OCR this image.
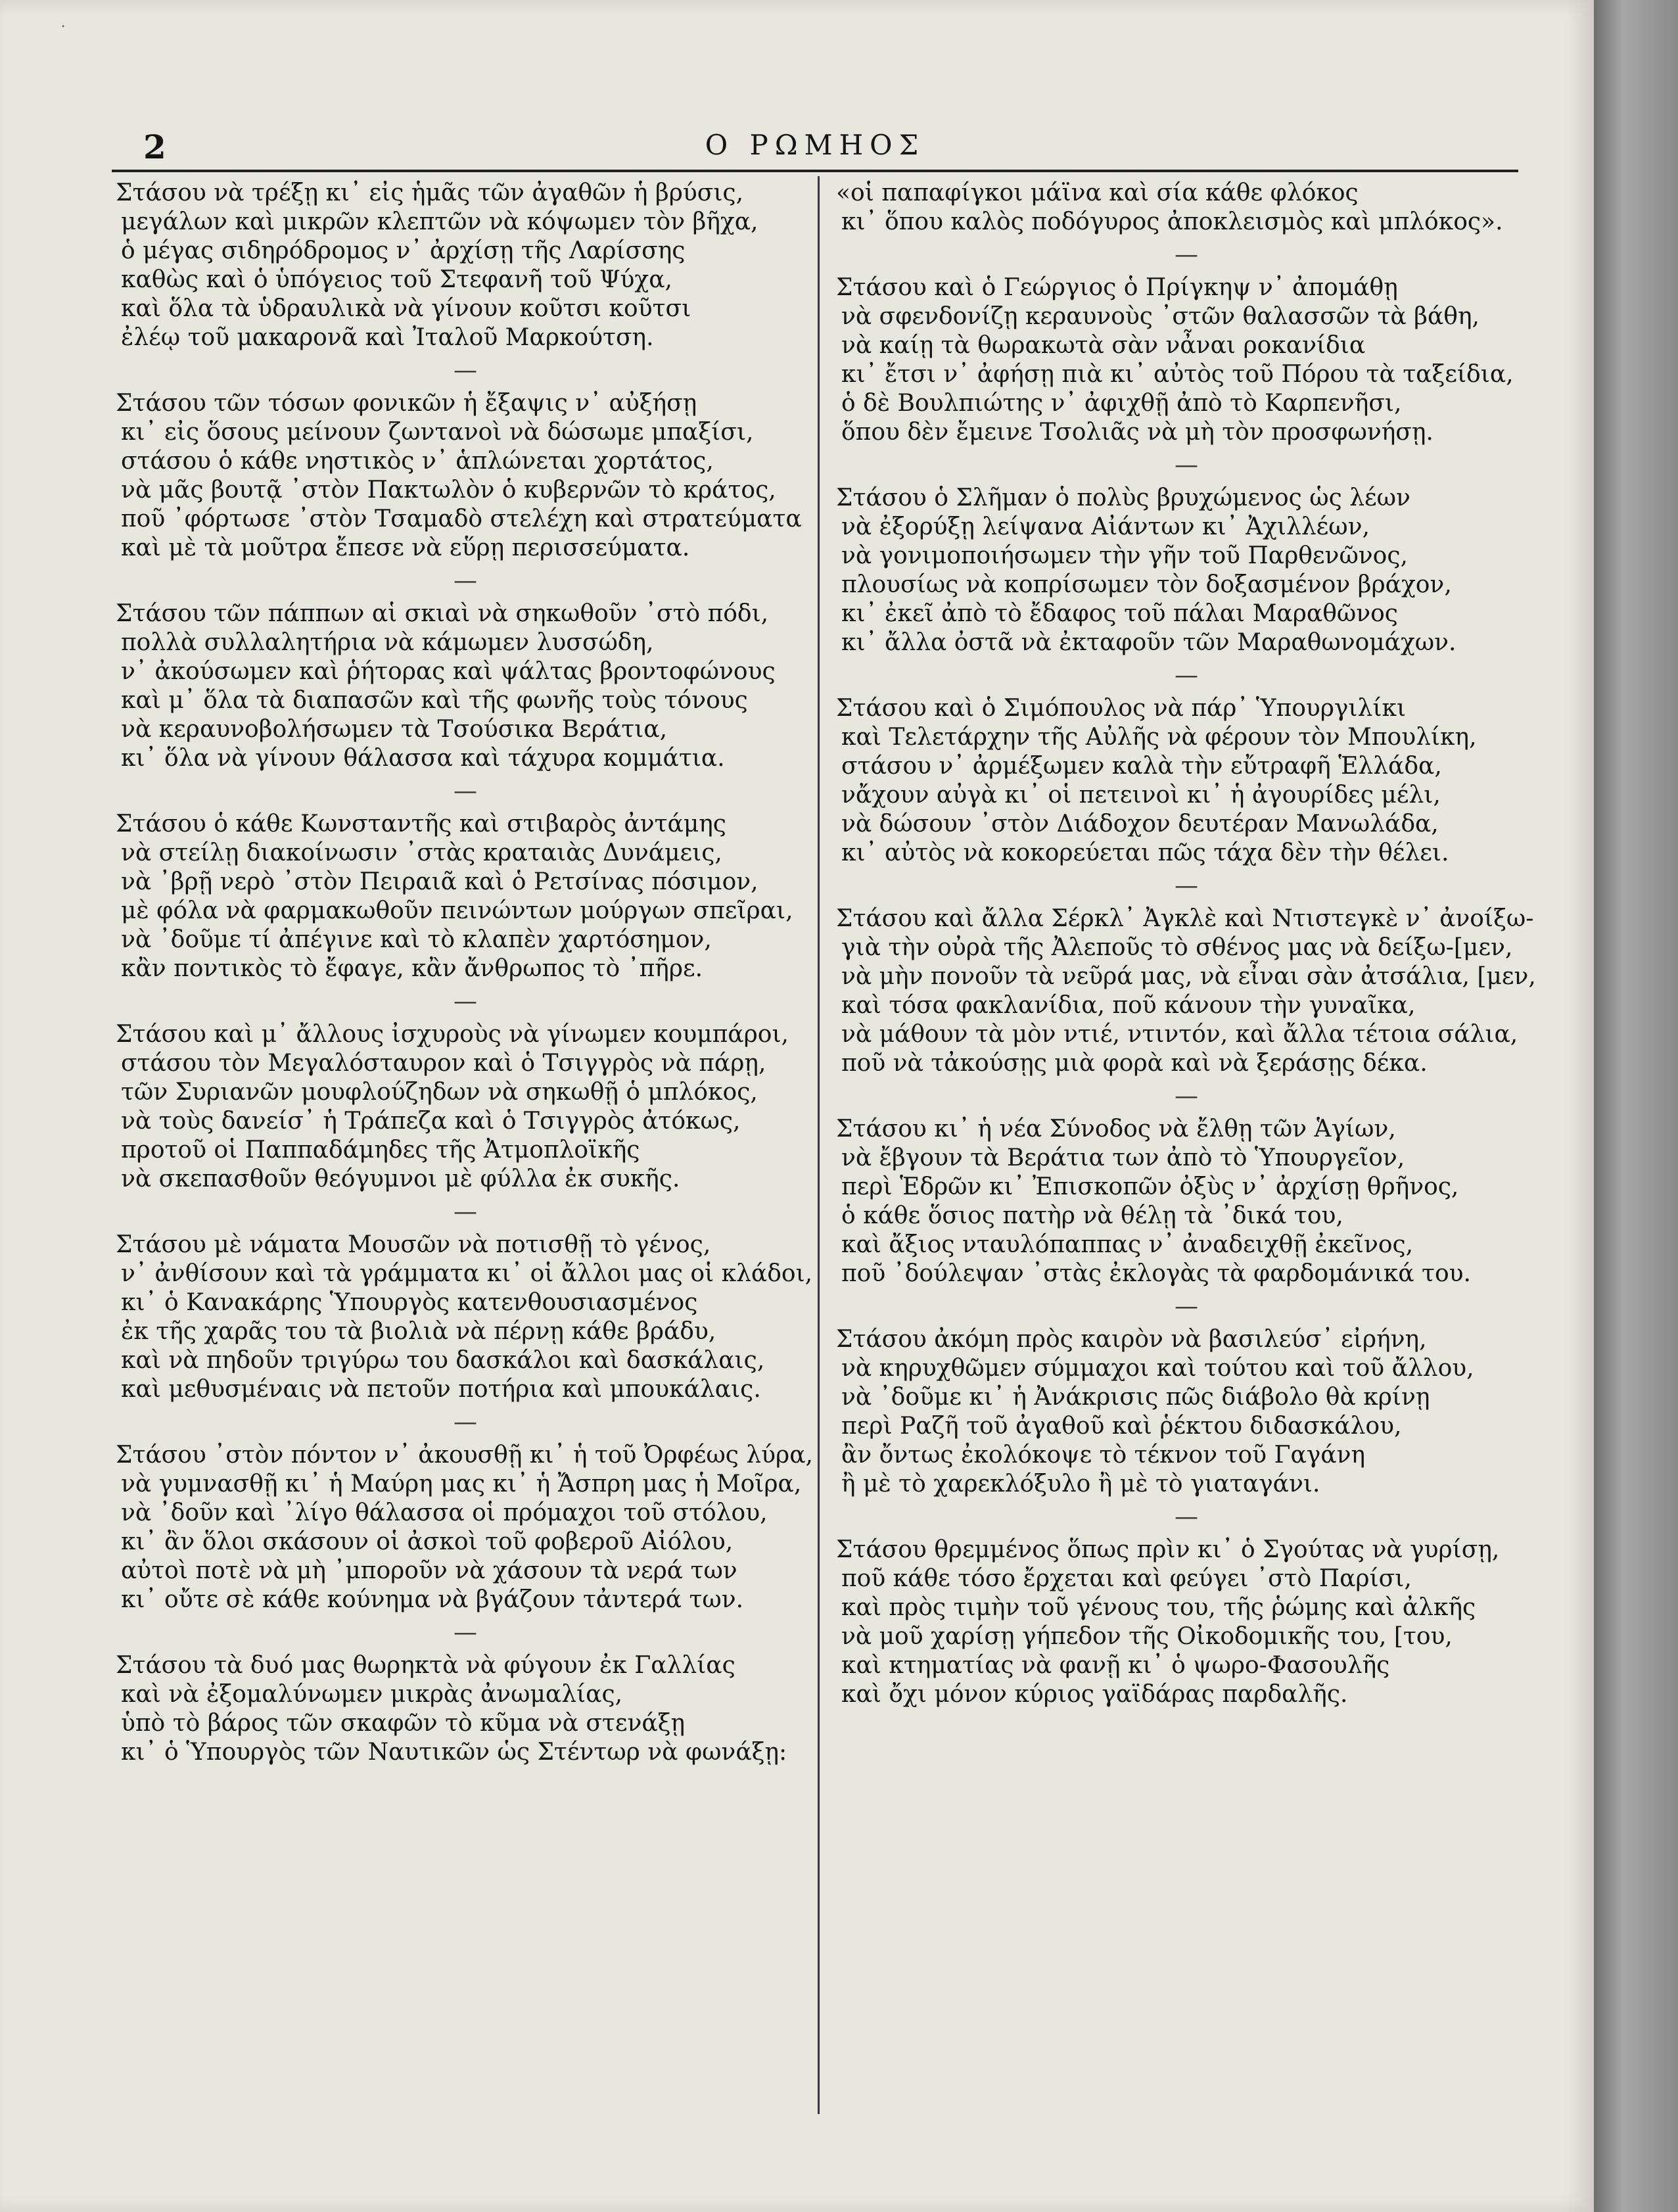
·
2	Ο ΡΩΜΗΟΣ
Στάσου νὰ τρέξῃ κι᾽ εἰς ἡμᾶς τῶν ἀγαθῶν ἡ βρύσις,
μεγάλων καὶ μικρῶν κλεπτῶν νὰ κόψωμεν τὸν βῆχα,
ὁ μέγας σιδηρόδρομος ν᾽ ἀρχίσῃ τῆς Λαρίσσης
καθὼς καὶ ὁ ὑπόγειος τοῦ Στεφανῆ τοῦ Ψύχα,
καὶ ὅλα τὰ ὑδραυλικὰ νὰ γίνουν κοῦτσι κοῦτσι
ἐλέῳ τοῦ μακαρονᾶ καὶ Ἰταλοῦ Μαρκούτση.
—
Στάσου τῶν τόσων φονικῶν ἡ ἔξαψις ν᾽ αὐξήσῃ
κι᾽ εἰς ὅσους μείνουν ζωντανοὶ νὰ δώσωμε μπαξίσι,
στάσου ὁ κάθε νηστικὸς ν᾽ ἁπλώνεται χορτάτος,
νὰ μᾶς βουτᾷ ᾽στὸν Πακτωλὸν ὁ κυβερνῶν τὸ κράτος,
ποῦ ᾽φόρτωσε ᾽στὸν Τσαμαδὸ στελέχη καὶ στρατεύματα
καὶ μὲ τὰ μοῦτρα ἔπεσε νὰ εὕρῃ περισσεύματα.
—
Στάσου τῶν πάππων αἱ σκιαὶ νὰ σηκωθοῦν ᾽στὸ πόδι,
πολλὰ συλλαλητήρια νὰ κάμωμεν λυσσώδη,
ν᾽ ἀκούσωμεν καὶ ῥήτορας καὶ ψάλτας βροντοφώνους
καὶ μ᾽ ὅλα τὰ διαπασῶν καὶ τῆς φωνῆς τοὺς τόνους
νὰ κεραυνοβολήσωμεν τὰ Τσούσικα Βεράτια,
κι᾽ ὅλα νὰ γίνουν θάλασσα καὶ τάχυρα κομμάτια.
—
Στάσου ὁ κάθε Κωνσταντῆς καὶ στιβαρὸς ἀντάμης
νὰ στείλῃ διακοίνωσιν ᾽στὰς κραταιὰς Δυνάμεις,
νὰ ᾽βρῇ νερὸ ᾽στὸν Πειραιᾶ καὶ ὁ Ρετσίνας πόσιμον,
μὲ φόλα νὰ φαρμακωθοῦν πεινώντων μούργων σπεῖραι,
νὰ ᾽δοῦμε τί ἀπέγινε καὶ τὸ κλαπὲν χαρτόσημον,
κἂν ποντικὸς τὸ ἔφαγε, κἂν ἄνθρωπος τὸ ᾽πῆρε.
—
Στάσου καὶ μ᾽ ἄλλους ἰσχυροὺς νὰ γίνωμεν κουμπάροι,
στάσου τὸν Μεγαλόσταυρον καὶ ὁ Τσιγγρὸς νὰ πάρῃ,
τῶν Συριανῶν μουφλούζηδων νὰ σηκωθῇ ὁ μπλόκος,
νὰ τοὺς δανείσ᾽ ἡ Τράπεζα καὶ ὁ Τσιγγρὸς ἀτόκως,
προτοῦ οἱ Παππαδάμηδες τῆς Ἀτμοπλοϊκῆς
νὰ σκεπασθοῦν θεόγυμνοι μὲ φύλλα ἐκ συκῆς.
—
Στάσου μὲ νάματα Μουσῶν νὰ ποτισθῇ τὸ γένος,
ν᾽ ἀνθίσουν καὶ τὰ γράμματα κι᾽ οἱ ἄλλοι μας οἱ κλάδοι,
κι᾽ ὁ Κανακάρης Ὑπουργὸς κατενθουσιασμένος
ἐκ τῆς χαρᾶς του τὰ βιολιὰ νὰ πέρνῃ κάθε βράδυ,
καὶ νὰ πηδοῦν τριγύρω του δασκάλοι καὶ δασκάλαις,
καὶ μεθυσμέναις νὰ πετοῦν ποτήρια καὶ μπουκάλαις.
—
Στάσου ᾽στὸν πόντον ν᾽ ἀκουσθῇ κι᾽ ἡ τοῦ Ὀρφέως λύρα,
νὰ γυμνασθῇ κι᾽ ἡ Μαύρη μας κι᾽ ἡ Ἄσπρη μας ἡ Μοῖρα,
νὰ ᾽δοῦν καὶ ᾽λίγο θάλασσα οἱ πρόμαχοι τοῦ στόλου,
κι᾽ ἂν ὅλοι σκάσουν οἱ ἀσκοὶ τοῦ φοβεροῦ Αἰόλου,
αὐτοὶ ποτὲ νὰ μὴ ᾽μποροῦν νὰ χάσουν τὰ νερά των
κι᾽ οὔτε σὲ κάθε κούνημα νὰ βγάζουν τἀντερά των.
—
Στάσου τὰ δυό μας θωρηκτὰ νὰ φύγουν ἐκ Γαλλίας
καὶ νὰ ἐξομαλύνωμεν μικρὰς ἀνωμαλίας,
ὑπὸ τὸ βάρος τῶν σκαφῶν τὸ κῦμα νὰ στενάξῃ
κι᾽ ὁ Ὑπουργὸς τῶν Ναυτικῶν ὡς Στέντωρ νὰ φωνάξῃ:
«οἱ παπαφίγκοι μάϊνα καὶ σία κάθε φλόκος
κι᾽ ὅπου καλὸς ποδόγυρος ἀποκλεισμὸς καὶ μπλόκος».
—
Στάσου καὶ ὁ Γεώργιος ὁ Πρίγκηψ ν᾽ ἀπομάθῃ
νὰ σφενδονίζῃ κεραυνοὺς ᾽στῶν θαλασσῶν τὰ βάθη,
νὰ καίῃ τὰ θωρακωτὰ σὰν νἆναι ροκανίδια
κι᾽ ἔτσι ν᾽ ἀφήσῃ πιὰ κι᾽ αὐτὸς τοῦ Πόρου τὰ ταξείδια,
ὁ δὲ Βουλπιώτης ν᾽ ἀφιχθῇ ἀπὸ τὸ Καρπενῆσι,
ὅπου δὲν ἔμεινε Τσολιᾶς νὰ μὴ τὸν προσφωνήσῃ.
—
Στάσου ὁ Σλῆμαν ὁ πολὺς βρυχώμενος ὡς λέων
νὰ ἐξορύξῃ λείψανα Αἰάντων κι᾽ Ἀχιλλέων,
νὰ γονιμοποιήσωμεν τὴν γῆν τοῦ Παρθενῶνος,
πλουσίως νὰ κοπρίσωμεν τὸν δοξασμένον βράχον,
κι᾽ ἐκεῖ ἀπὸ τὸ ἔδαφος τοῦ πάλαι Μαραθῶνος
κι᾽ ἄλλα ὀστᾶ νὰ ἐκταφοῦν τῶν Μαραθωνομάχων.
—
Στάσου καὶ ὁ Σιμόπουλος νὰ πάρ᾽ Ὑπουργιλίκι
καὶ Τελετάρχην τῆς Αὐλῆς νὰ φέρουν τὸν Μπουλίκη,
στάσου ν᾽ ἀρμέξωμεν καλὰ τὴν εὔτραφῆ Ἑλλάδα,
νἄχουν αὐγὰ κι᾽ οἱ πετεινοὶ κι᾽ ἡ ἀγουρίδες μέλι,
νὰ δώσουν ᾽στὸν Διάδοχον δευτέραν Μανωλάδα,
κι᾽ αὐτὸς νὰ κοκορεύεται πῶς τάχα δὲν τὴν θέλει.
—
Στάσου καὶ ἄλλα Σέρκλ᾽ Ἀγκλὲ καὶ Ντιστεγκὲ ν᾽ ἀνοίξω-
γιὰ τὴν οὐρὰ τῆς Ἀλεποῦς τὸ σθένος μας νὰ δείξω-[μεν,
νὰ μὴν πονοῦν τὰ νεῦρά μας, νὰ εἶναι σὰν ἀτσάλια, [μεν,
καὶ τόσα φακλανίδια, ποῦ κάνουν τὴν γυναῖκα,
νὰ μάθουν τὰ μὸν ντιέ, ντιντόν, καὶ ἄλλα τέτοια σάλια,
ποῦ νὰ τἀκούσῃς μιὰ φορὰ καὶ νὰ ξεράσῃς δέκα.
—
Στάσου κι᾽ ἡ νέα Σύνοδος νὰ ἔλθῃ τῶν Ἁγίων,
νὰ ἔβγουν τὰ Βεράτια των ἀπὸ τὸ Ὑπουργεῖον,
περὶ Ἑδρῶν κι᾽ Ἐπισκοπῶν ὀξὺς ν᾽ ἀρχίσῃ θρῆνος,
ὁ κάθε ὅσιος πατὴρ νὰ θέλῃ τὰ ᾽δικά του,
καὶ ἄξιος νταυλόπαππας ν᾽ ἀναδειχθῇ ἐκεῖνος,
ποῦ ᾽δούλεψαν ᾽στὰς ἐκλογὰς τὰ φαρδομάνικά του.
—
Στάσου ἀκόμη πρὸς καιρὸν νὰ βασιλεύσ᾽ εἰρήνη,
νὰ κηρυχθῶμεν σύμμαχοι καὶ τούτου καὶ τοῦ ἄλλου,
νὰ ᾽δοῦμε κι᾽ ἡ Ἀνάκρισις πῶς διάβολο θὰ κρίνῃ
περὶ Ραζῆ τοῦ ἀγαθοῦ καὶ ῥέκτου διδασκάλου,
ἂν ὄντως ἐκολόκοψε τὸ τέκνον τοῦ Γαγάνη
ἢ μὲ τὸ χαρεκλόξυλο ἢ μὲ τὸ γιαταγάνι.
—
Στάσου θρεμμένος ὅπως πρὶν κι᾽ ὁ Σγούτας νὰ γυρίσῃ,
ποῦ κάθε τόσο ἔρχεται καὶ φεύγει ᾽στὸ Παρίσι,
καὶ πρὸς τιμὴν τοῦ γένους του, τῆς ῥώμης καὶ ἀλκῆς
νὰ μοῦ χαρίσῃ γήπεδον τῆς Οἰκοδομικῆς του, [του,
καὶ κτηματίας νὰ φανῇ κι᾽ ὁ ψωρο-Φασουλῆς
καὶ ὄχι μόνον κύριος γαϊδάρας παρδαλῆς.
